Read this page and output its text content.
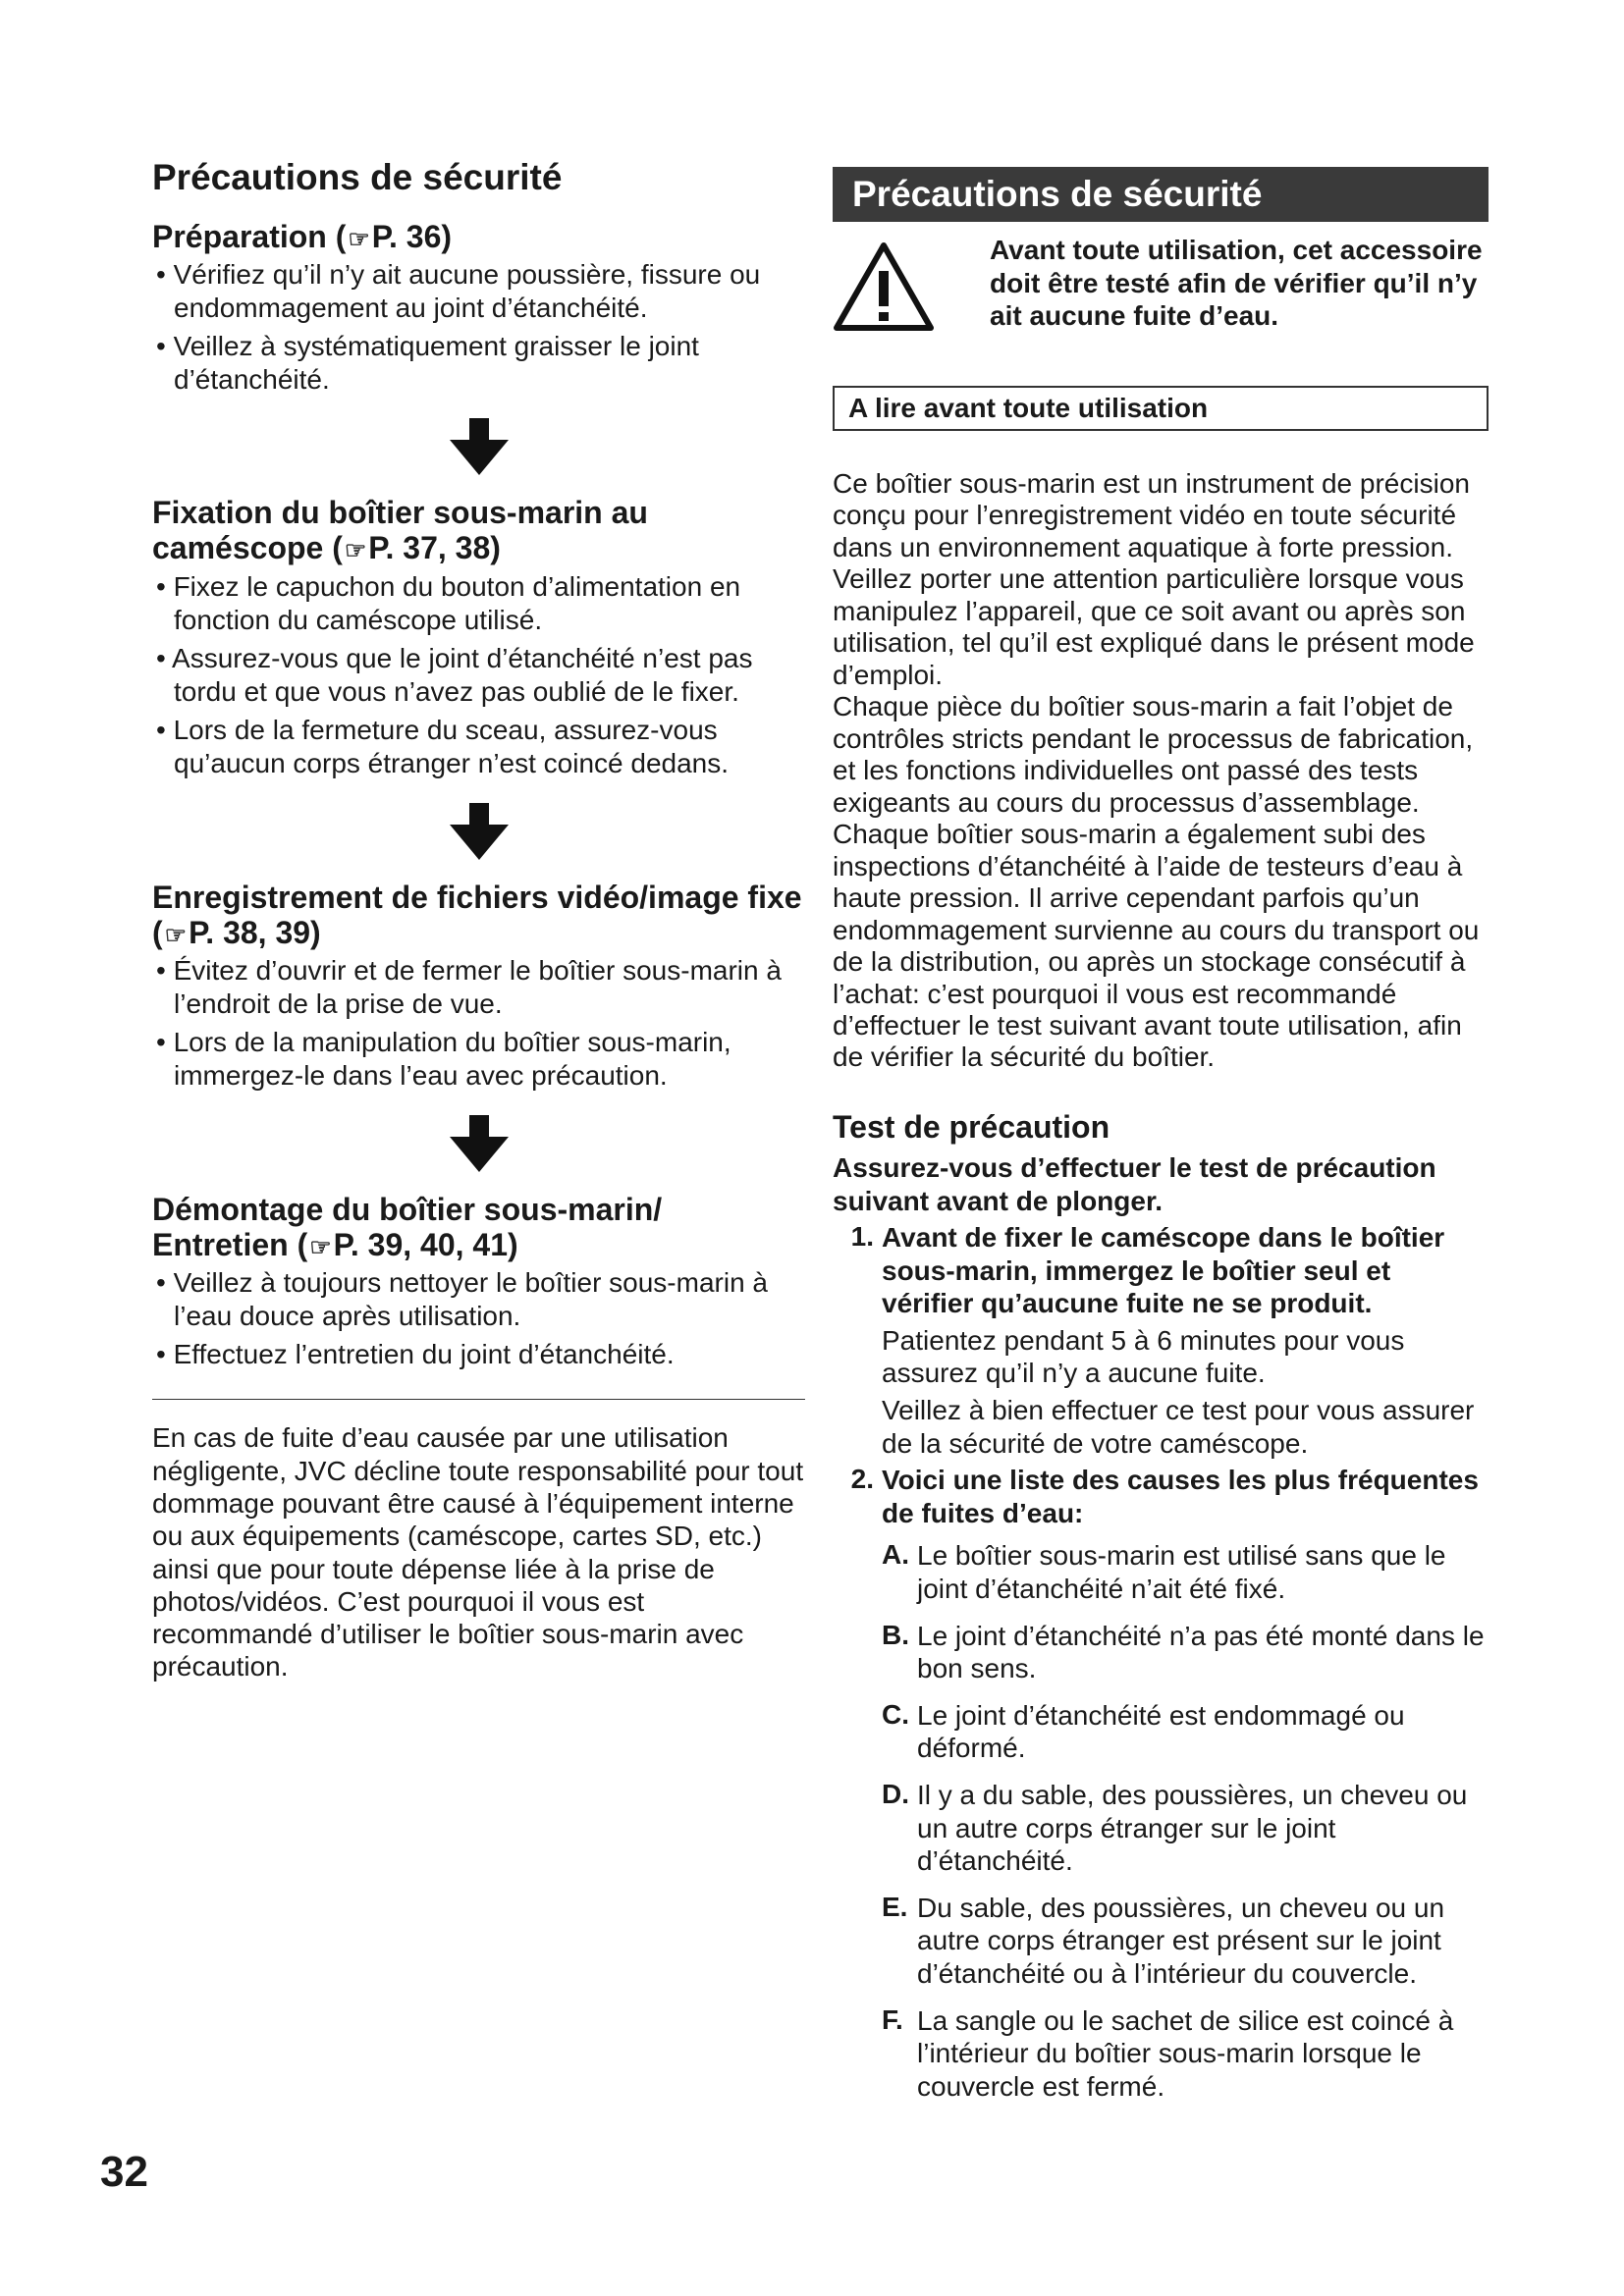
Précautions de sécurité
Préparation (☞P. 36)
• Vérifiez qu’il n’y ait aucune poussière, fissure ou endommagement au joint d’étanchéité.
• Veillez à systématiquement graisser le joint d’étanchéité.
Fixation du boîtier sous-marin au caméscope (☞P. 37, 38)
• Fixez le capuchon du bouton d’alimentation en fonction du caméscope utilisé.
• Assurez-vous que le joint d’étanchéité n’est pas tordu et que vous n’avez pas oublié de le fixer.
• Lors de la fermeture du sceau, assurez-vous qu’aucun corps étranger n’est coincé dedans.
Enregistrement de fichiers vidéo/image fixe (☞P. 38, 39)
• Évitez d’ouvrir et de fermer le boîtier sous-marin à l’endroit de la prise de vue.
• Lors de la manipulation du boîtier sous-marin, immergez-le dans l’eau avec précaution.
Démontage du boîtier sous-marin/ Entretien (☞P. 39, 40, 41)
• Veillez à toujours nettoyer le boîtier sous-marin à l’eau douce après utilisation.
• Effectuez l’entretien du joint d’étanchéité.

En cas de fuite d’eau causée par une utilisation négligente, JVC décline toute responsabilité pour tout dommage pouvant être causé à l’équipement interne ou aux équipements (caméscope, cartes SD, etc.) ainsi que pour toute dépense liée à la prise de photos/vidéos. C’est pourquoi il vous est recommandé d’utiliser le boîtier sous-marin avec précaution.

Précautions de sécurité
Avant toute utilisation, cet accessoire doit être testé afin de vérifier qu’il n’y ait aucune fuite d’eau.
A lire avant toute utilisation

Ce boîtier sous-marin est un instrument de précision conçu pour l’enregistrement vidéo en toute sécurité dans un environnement aquatique à forte pression. Veillez porter une attention particulière lorsque vous manipulez l’appareil, que ce soit avant ou après son utilisation, tel qu’il est expliqué dans le présent mode d’emploi.

Chaque pièce du boîtier sous-marin a fait l’objet de contrôles stricts pendant le processus de fabrication, et les fonctions individuelles ont passé des tests exigeants au cours du processus d’assemblage. Chaque boîtier sous-marin a également subi des inspections d’étanchéité à l’aide de testeurs d’eau à haute pression. Il arrive cependant parfois qu’un endommagement survienne au cours du transport ou de la distribution, ou après un stockage consécutif à l’achat: c’est pourquoi il vous est recommandé d’effectuer le test suivant avant toute utilisation, afin de vérifier la sécurité du boîtier.

Test de précaution
Assurez-vous d’effectuer le test de précaution suivant avant de plonger.
1. Avant de fixer le caméscope dans le boîtier sous-marin, immergez le boîtier seul et vérifier qu’aucune fuite ne se produit.
Patientez pendant 5 à 6 minutes pour vous assurez qu’il n’y a aucune fuite.
Veillez à bien effectuer ce test pour vous assurer de la sécurité de votre caméscope.
2. Voici une liste des causes les plus fréquentes de fuites d’eau:
A. Le boîtier sous-marin est utilisé sans que le joint d’étanchéité n’ait été fixé.
B. Le joint d’étanchéité n’a pas été monté dans le bon sens.
C. Le joint d’étanchéité est endommagé ou déformé.
D. Il y a du sable, des poussières, un cheveu ou un autre corps étranger sur le joint d’étanchéité.
E. Du sable, des poussières, un cheveu ou un autre corps étranger est présent sur le joint d’étanchéité ou à l’intérieur du couvercle.
F. La sangle ou le sachet de silice est coincé à l’intérieur du boîtier sous-marin lorsque le couvercle est fermé.
32
